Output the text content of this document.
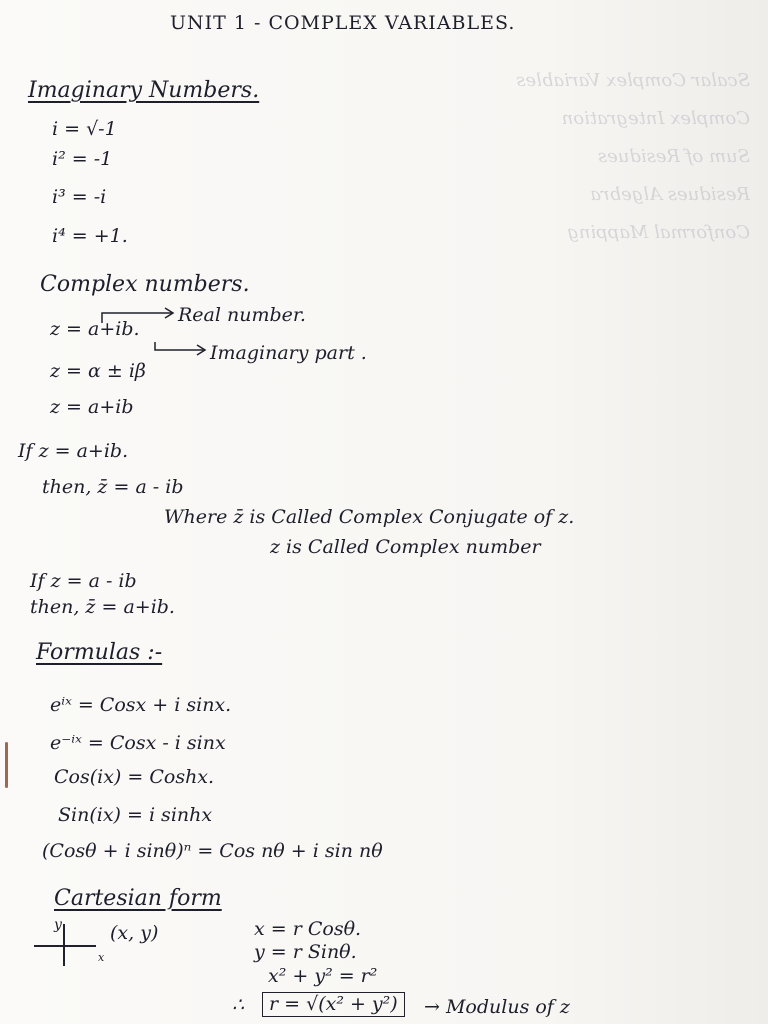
Scalar Complex Variables
Complex Integration
Sum of Residues
Residues Algebra
Conformal Mapping
UNIT 1 - COMPLEX VARIABLES.
Imaginary Numbers.
i = √-1
i² = -1
i³ = -i
i⁴ = +1.
Complex numbers.
Real number.
z = a+ib.
Imaginary part .
z = α ± iβ
z = a+ib
If z = a+ib.
then, z̄ = a - ib
Where z̄ is Called Complex Conjugate of z.
z is Called Complex number
If z = a - ib
then, z̄ = a+ib.
Formulas :-
eⁱˣ = Cosx + i sinx.
e⁻ⁱˣ = Cosx - i sinx
Cos(ix) = Coshx.
Sin(ix) = i sinhx
(Cosθ + i sinθ)ⁿ = Cos nθ + i sin nθ
Cartesian form
y
x
(x, y)	x = r Cosθ.
y = r Sinθ.
x² + y² = r²
∴	r = √(x² + y²)	→ Modulus of z
